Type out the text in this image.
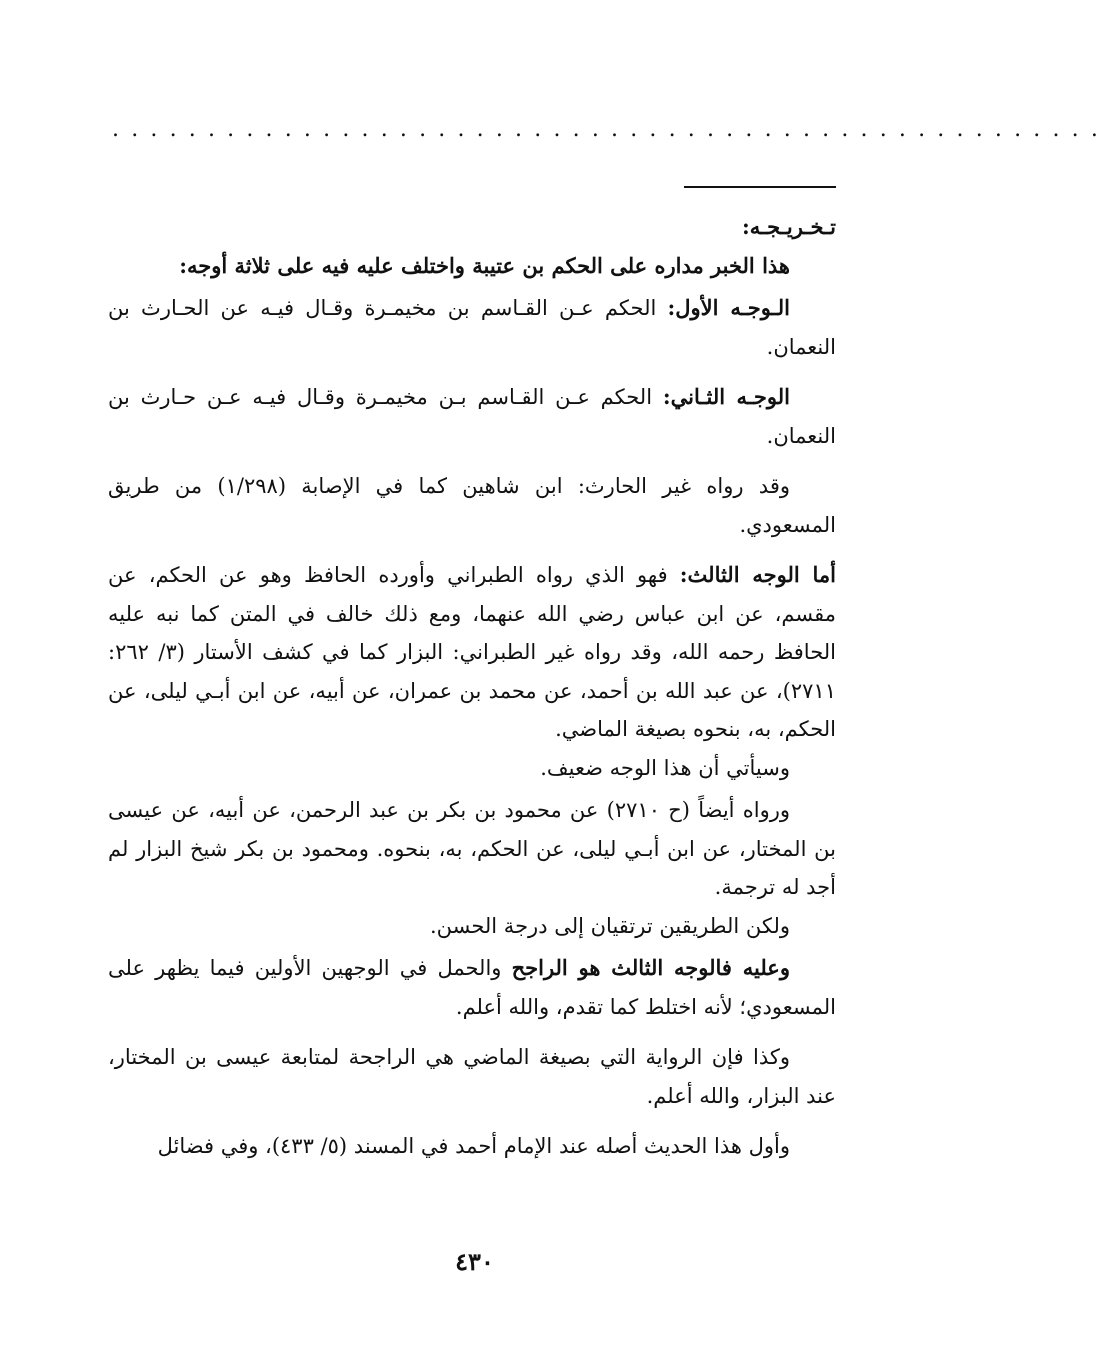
....................................................
تـخـريـجـه:

هذا الخبر مداره على الحكم بن عتيبة واختلف عليه فيه على ثلاثة أوجه:

الـوجـه الأول: الحكم عـن القـاسم بن مخيمـرة وقـال فيـه عن الحـارث بن النعمان.

الوجـه الثـاني: الحكم عـن القـاسم بـن مخيمـرة وقـال فيـه عـن حـارث بن النعمان.

وقد رواه غير الحارث: ابن شاهين كما في الإصابة (١/٢٩٨) من طريق المسعودي.

أما الوجه الثالث: فهو الذي رواه الطبراني وأورده الحافظ وهو عن الحكم، عن مقسم، عن ابن عباس رضي الله عنهما، ومع ذلك خالف في المتن كما نبه عليه الحافظ رحمه الله، وقد رواه غير الطبراني: البزار كما في كشف الأستار (٣/ ٢٦٢: ٢٧١١)، عن عبد الله بن أحمد، عن محمد بن عمران، عن أبيه، عن ابن أبـي ليلى، عن الحكم، به، بنحوه بصيغة الماضي.

وسيأتي أن هذا الوجه ضعيف.

ورواه أيضاً (ح ٢٧١٠) عن محمود بن بكر بن عبد الرحمن، عن أبيه، عن عيسى بن المختار، عن ابن أبـي ليلى، عن الحكم، به، بنحوه. ومحمود بن بكر شيخ البزار لم أجد له ترجمة.

ولكن الطريقين ترتقيان إلى درجة الحسن.

وعليه فالوجه الثالث هو الراجح والحمل في الوجهين الأولين فيما يظهر على المسعودي؛ لأنه اختلط كما تقدم، والله أعلم.

وكذا فإن الرواية التي بصيغة الماضي هي الراجحة لمتابعة عيسى بن المختار، عند البزار، والله أعلم.

وأول هذا الحديث أصله عند الإمام أحمد في المسند (٥/ ٤٣٣)، وفي فضائل

٤٣٠
